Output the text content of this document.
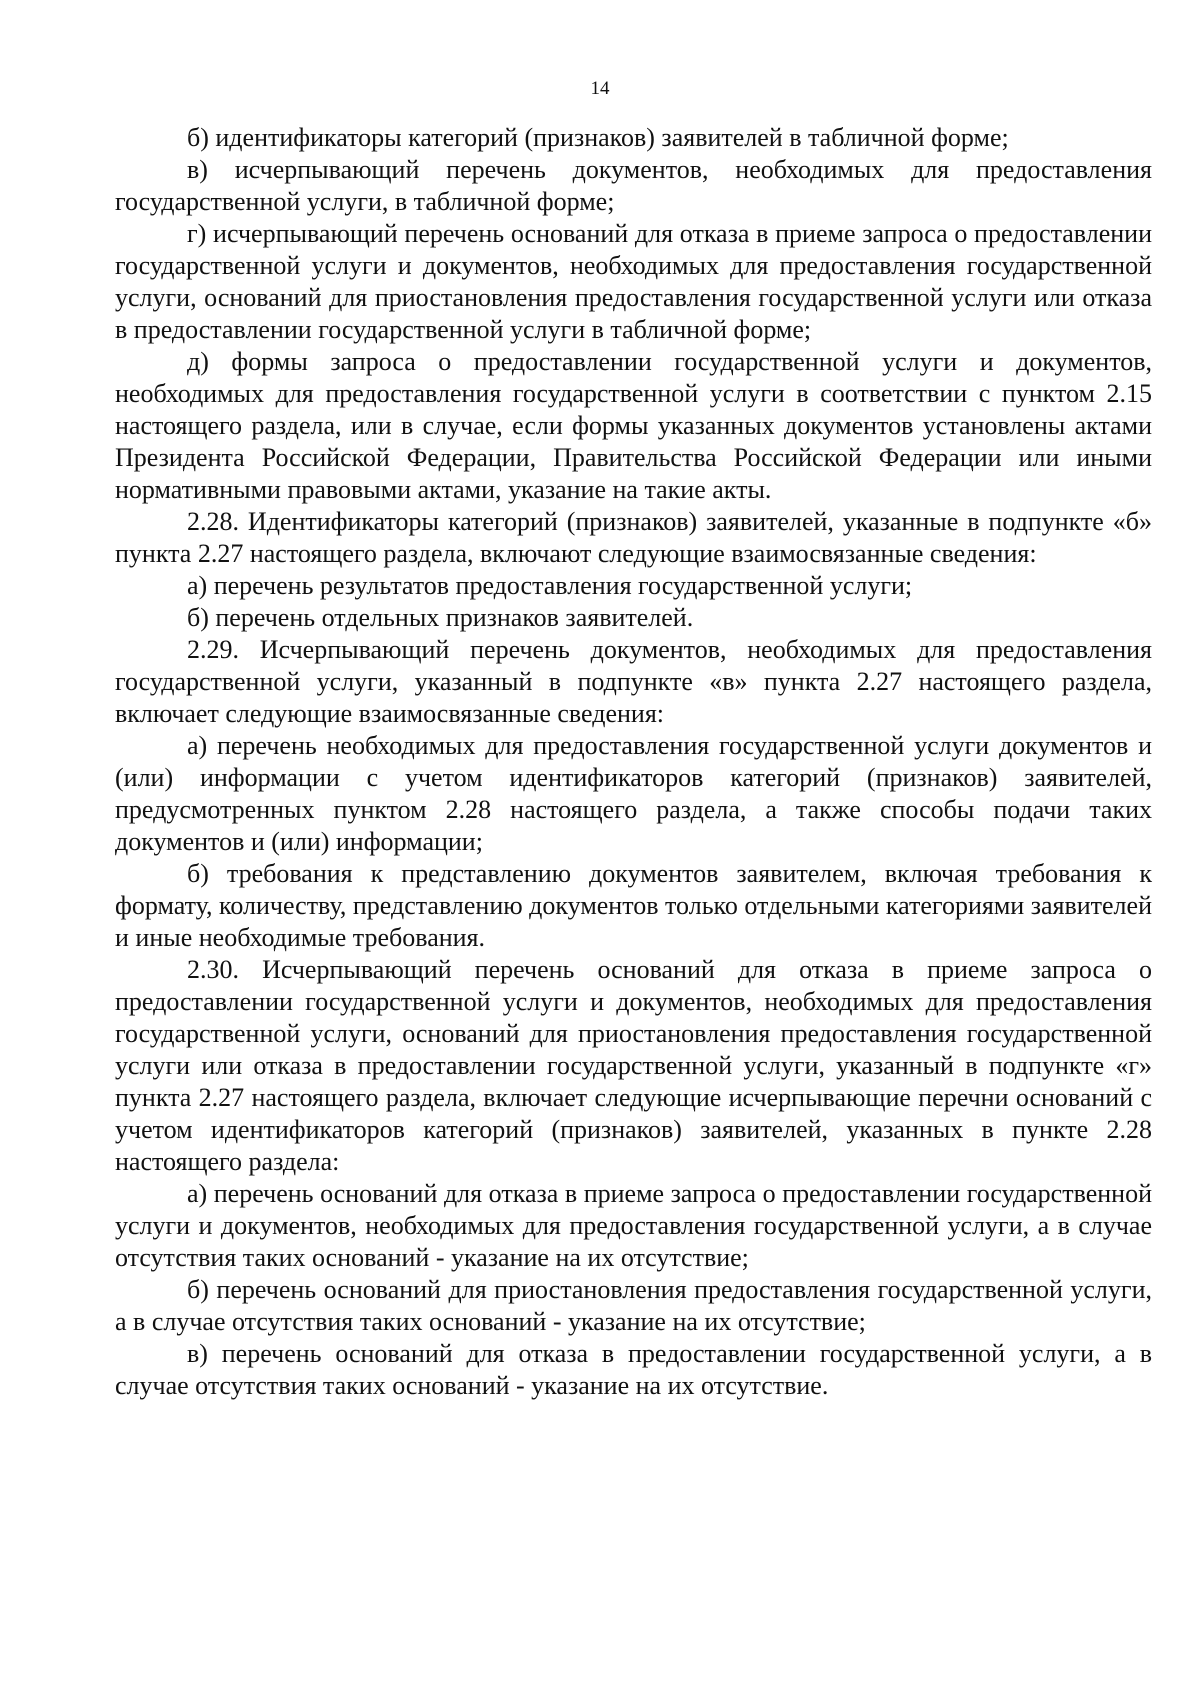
14

б) идентификаторы категорий (признаков) заявителей в табличной форме;

в) исчерпывающий перечень документов, необходимых для предоставления государственной услуги, в табличной форме;

г) исчерпывающий перечень оснований для отказа в приеме запроса о предоставлении государственной услуги и документов, необходимых для предоставления государственной услуги, оснований для приостановления предоставления государственной услуги или отказа в предоставлении государственной услуги в табличной форме;

д) формы запроса о предоставлении государственной услуги и документов, необходимых для предоставления государственной услуги в соответствии с пунктом 2.15 настоящего раздела, или в случае, если формы указанных документов установлены актами Президента Российской Федерации, Правительства Российской Федерации или иными нормативными правовыми актами, указание на такие акты.

2.28. Идентификаторы категорий (признаков) заявителей, указанные в подпункте «б» пункта 2.27 настоящего раздела, включают следующие взаимосвязанные сведения:

а) перечень результатов предоставления государственной услуги;

б) перечень отдельных признаков заявителей.

2.29. Исчерпывающий перечень документов, необходимых для предоставления государственной услуги, указанный в подпункте «в» пункта 2.27 настоящего раздела, включает следующие взаимосвязанные сведения:

а) перечень необходимых для предоставления государственной услуги документов и (или) информации с учетом идентификаторов категорий (признаков) заявителей, предусмотренных пунктом 2.28 настоящего раздела, а также способы подачи таких документов и (или) информации;

б) требования к представлению документов заявителем, включая требования к формату, количеству, представлению документов только отдельными категориями заявителей и иные необходимые требования.

2.30. Исчерпывающий перечень оснований для отказа в приеме запроса о предоставлении государственной услуги и документов, необходимых для предоставления государственной услуги, оснований для приостановления предоставления государственной услуги или отказа в предоставлении государственной услуги, указанный в подпункте «г» пункта 2.27 настоящего раздела, включает следующие исчерпывающие перечни оснований с учетом идентификаторов категорий (признаков) заявителей, указанных в пункте 2.28 настоящего раздела:

а) перечень оснований для отказа в приеме запроса о предоставлении государственной услуги и документов, необходимых для предоставления государственной услуги, а в случае отсутствия таких оснований - указание на их отсутствие;

б) перечень оснований для приостановления предоставления государственной услуги, а в случае отсутствия таких оснований - указание на их отсутствие;

в) перечень оснований для отказа в предоставлении государственной услуги, а в случае отсутствия таких оснований - указание на их отсутствие.
